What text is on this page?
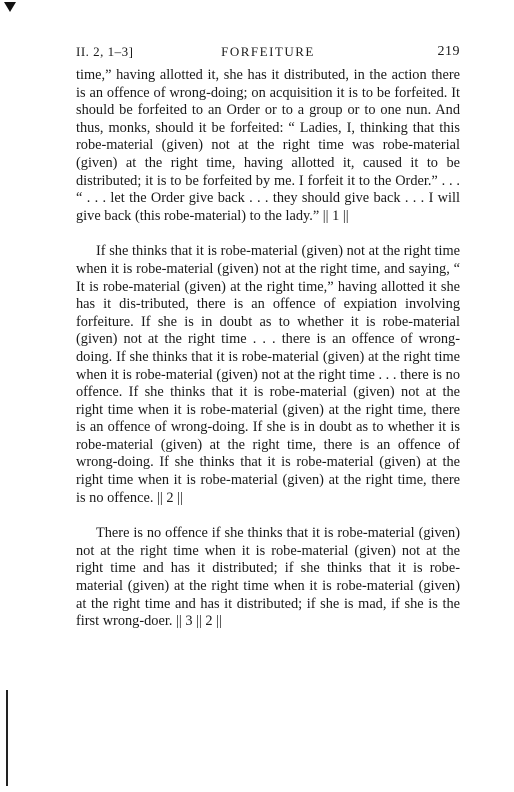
II. 2, 1–3]	FORFEITURE	219

time,” having allotted it, she has it distributed, in the action there is an offence of wrong-doing; on acquisition it is to be forfeited. It should be forfeited to an Order or to a group or to one nun. And thus, monks, should it be forfeited: “ Ladies, I, thinking that this robe-material (given) not at the right time was robe-material (given) at the right time, having allotted it, caused it to be distributed; it is to be forfeited by me. I forfeit it to the Order.” . . . “ . . . let the Order give back . . . they should give back . . . I will give back (this robe-material) to the lady.” || 1 ||

If she thinks that it is robe-material (given) not at the right time when it is robe-material (given) not at the right time, and saying, “ It is robe-material (given) at the right time,” having allotted it she has it dis-tributed, there is an offence of expiation involving forfeiture. If she is in doubt as to whether it is robe-material (given) not at the right time . . . there is an offence of wrong-doing. If she thinks that it is robe-material (given) at the right time when it is robe-material (given) not at the right time . . . there is no offence. If she thinks that it is robe-material (given) not at the right time when it is robe-material (given) at the right time, there is an offence of wrong-doing. If she is in doubt as to whether it is robe-material (given) at the right time, there is an offence of wrong-doing. If she thinks that it is robe-material (given) at the right time when it is robe-material (given) at the right time, there is no offence. || 2 ||

There is no offence if she thinks that it is robe-material (given) not at the right time when it is robe-material (given) not at the right time and has it distributed; if she thinks that it is robe-material (given) at the right time when it is robe-material (given) at the right time and has it distributed; if she is mad, if she is the first wrong-doer. || 3 || 2 ||
